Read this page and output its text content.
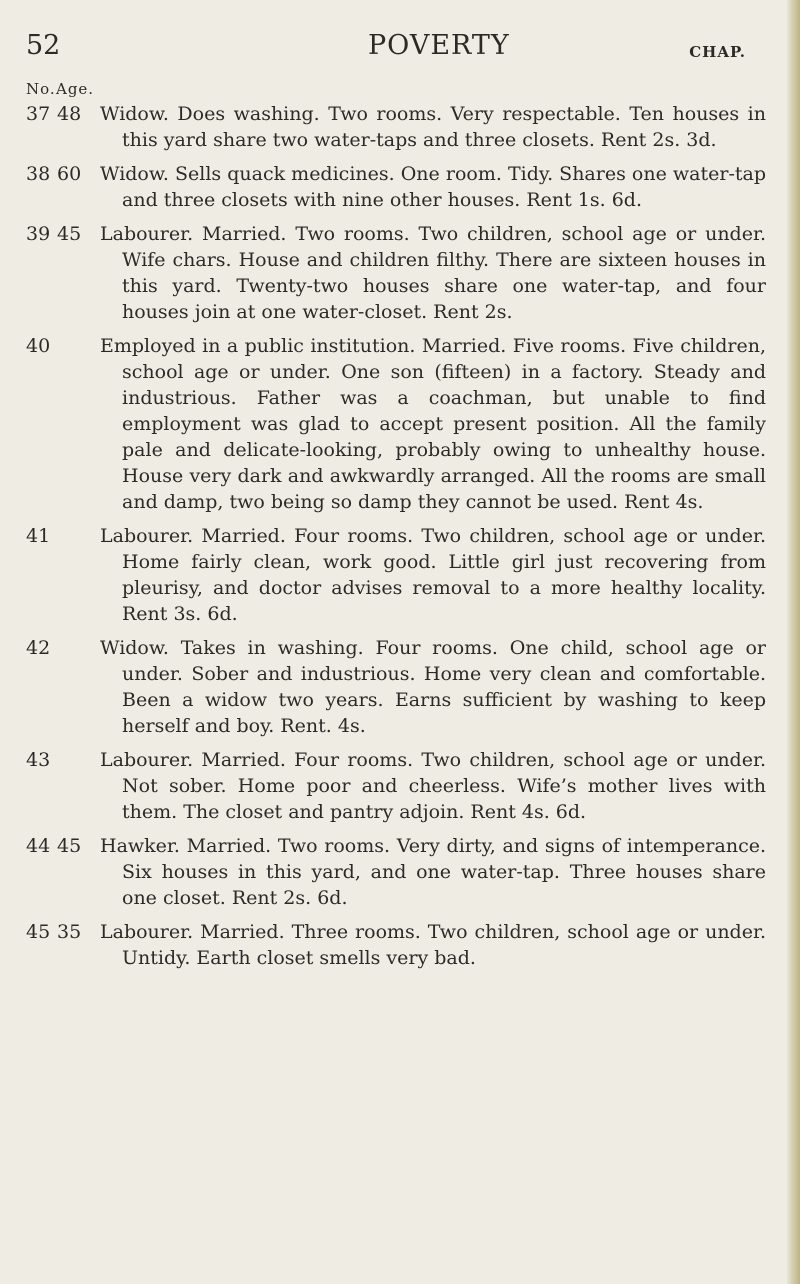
52	POVERTY	CHAP.
No. Age.
37 48 Widow. Does washing. Two rooms. Very respectable. Ten houses in this yard share two water-taps and three closets. Rent 2s. 3d.
38 60 Widow. Sells quack medicines. One room. Tidy. Shares one water-tap and three closets with nine other houses. Rent 1s. 6d.
39 45 Labourer. Married. Two rooms. Two children, school age or under. Wife chars. House and children filthy. There are sixteen houses in this yard. Twenty-two houses share one water-tap, and four houses join at one water-closet. Rent 2s.
40	Employed in a public institution. Married. Five rooms. Five children, school age or under. One son (fifteen) in a factory. Steady and industrious. Father was a coachman, but unable to find employment was glad to accept present position. All the family pale and delicate-looking, probably owing to unhealthy house. House very dark and awkwardly arranged. All the rooms are small and damp, two being so damp they cannot be used. Rent 4s.
41	Labourer. Married. Four rooms. Two children, school age or under. Home fairly clean, work good. Little girl just recovering from pleurisy, and doctor advises removal to a more healthy locality. Rent 3s. 6d.
42	Widow. Takes in washing. Four rooms. One child, school age or under. Sober and industrious. Home very clean and comfortable. Been a widow two years. Earns sufficient by washing to keep herself and boy. Rent. 4s.
43	Labourer. Married. Four rooms. Two children, school age or under. Not sober. Home poor and cheerless. Wife’s mother lives with them. The closet and pantry adjoin. Rent 4s. 6d.
44 45 Hawker. Married. Two rooms. Very dirty, and signs of intemperance. Six houses in this yard, and one water-tap. Three houses share one closet. Rent 2s. 6d.
45 35 Labourer. Married. Three rooms. Two children, school age or under. Untidy. Earth closet smells very bad.
